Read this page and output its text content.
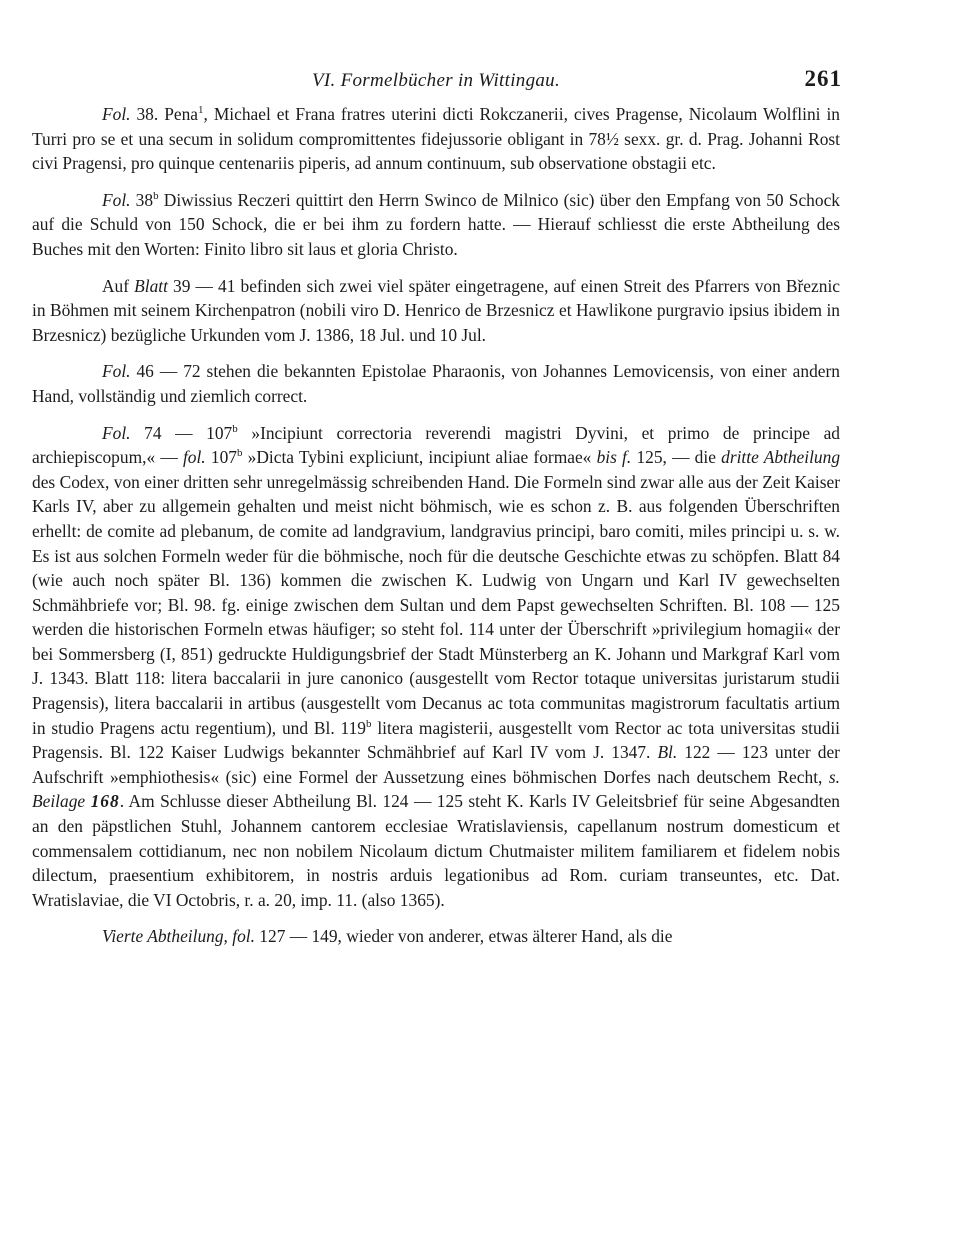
VI. Formelbücher in Wittingau.	261

Fol. 38. Pena$^1$, Michael et Frana fratres uterini dicti Rokczanerii, cives Pragense, Nicolaum Wolflini in Turri pro se et una secum in solidum compromittentes fidejussorie obligant in 78½ sexx. gr. d. Prag. Johanni Rost civi Pragensi, pro quinque centenariis piperis, ad annum continuum, sub observatione obstagii etc.

Fol. 38$^b$ Diwissius Reczeri quittirt den Herrn Swinco de Milnico (sic) über den Empfang von 50 Schock auf die Schuld von 150 Schock, die er bei ihm zu fordern hatte. — Hierauf schliesst die erste Abtheilung des Buches mit den Worten: Finito libro sit laus et gloria Christo.

Auf Blatt 39 — 41 befinden sich zwei viel später eingetragene, auf einen Streit des Pfarrers von Březnic in Böhmen mit seinem Kirchenpatron (nobili viro D. Henrico de Brzesnicz et Hawlikone purgravio ipsius ibidem in Brzesnicz) bezügliche Urkunden vom J. 1386, 18 Jul. und 10 Jul.

Fol. 46 — 72 stehen die bekannten Epistolae Pharaonis, von Johannes Lemovicensis, von einer andern Hand, vollständig und ziemlich correct.

Fol. 74 — 107$^b$ »Incipiunt correctoria reverendi magistri Dyvini, et primo de principe ad archiepiscopum,« — fol. 107$^b$ »Dicta Tybini expliciunt, incipiunt aliae formae« bis f. 125, — die dritte Abtheilung des Codex, von einer dritten sehr unregelmässig schreibenden Hand. Die Formeln sind zwar alle aus der Zeit Kaiser Karls IV, aber zu allgemein gehalten und meist nicht böhmisch, wie es schon z. B. aus folgenden Überschriften erhellt: de comite ad plebanum, de comite ad landgravium, landgravius principi, baro comiti, miles principi u. s. w. Es ist aus solchen Formeln weder für die böhmische, noch für die deutsche Geschichte etwas zu schöpfen. Blatt 84 (wie auch noch später Bl. 136) kommen die zwischen K. Ludwig von Ungarn und Karl IV gewechselten Schmähbriefe vor; Bl. 98. fg. einige zwischen dem Sultan und dem Papst gewechselten Schriften. Bl. 108 — 125 werden die historischen Formeln etwas häufiger; so steht fol. 114 unter der Überschrift »privilegium homagii« der bei Sommersberg (I, 851) gedruckte Huldigungsbrief der Stadt Münsterberg an K. Johann und Markgraf Karl vom J. 1343. Blatt 118: litera baccalarii in jure canonico (ausgestellt vom Rector totaque universitas juristarum studii Pragensis), litera baccalarii in artibus (ausgestellt vom Decanus ac tota communitas magistrorum facultatis artium in studio Pragens actu regentium), und Bl. 119$^b$ litera magisterii, ausgestellt vom Rector ac tota universitas studii Pragensis. Bl. 122 Kaiser Ludwigs bekannter Schmähbrief auf Karl IV vom J. 1347. Bl. 122 — 123 unter der Aufschrift »emphiothesis« (sic) eine Formel der Aussetzung eines böhmischen Dorfes nach deutschem Recht, s. Beilage 168. Am Schlusse dieser Abtheilung Bl. 124 — 125 steht K. Karls IV Geleitsbrief für seine Abgesandten an den päpstlichen Stuhl, Johannem cantorem ecclesiae Wratislaviensis, capellanum nostrum domesticum et commensalem cottidianum, nec non nobilem Nicolaum dictum Chutmaister militem familiarem et fidelem nobis dilectum, praesentium exhibitorem, in nostris arduis legationibus ad Rom. curiam transeuntes, etc. Dat. Wratislaviae, die VI Octobris, r. a. 20, imp. 11. (also 1365).

Vierte Abtheilung, fol. 127 — 149, wieder von anderer, etwas älterer Hand, als die
